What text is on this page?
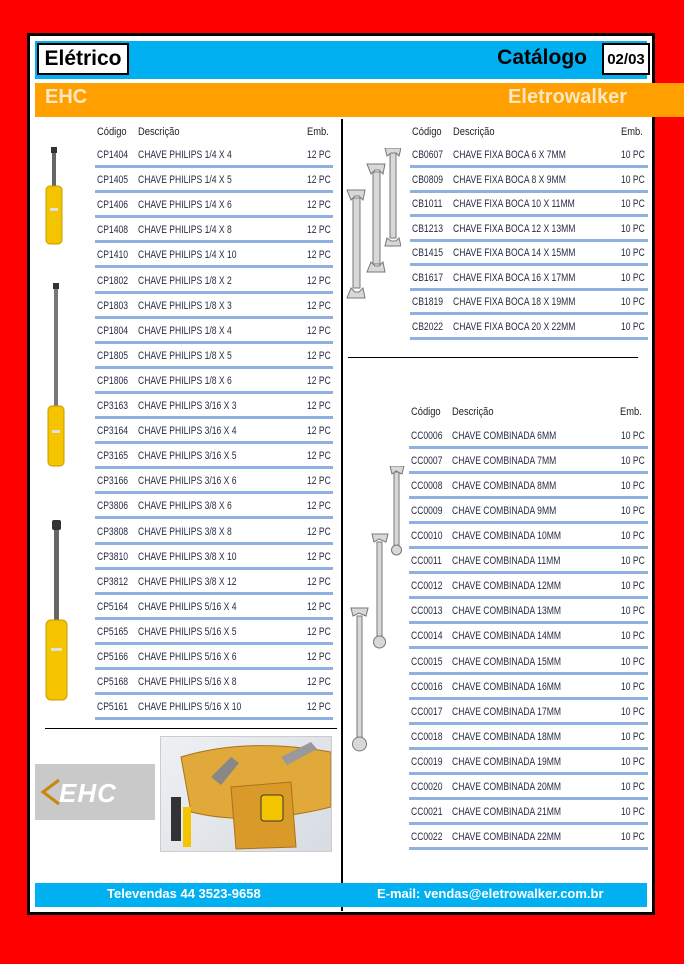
Elétrico	Catálogo	02/03
EHC	Eletrowalker
Código Descrição	Emb.
CP1404 CHAVE PHILIPS 1/4 X 4	12 PC
CP1405 CHAVE PHILIPS 1/4 X 5	12 PC
CP1406 CHAVE PHILIPS 1/4 X 6	12 PC
CP1408 CHAVE PHILIPS 1/4 X 8	12 PC
CP1410 CHAVE PHILIPS 1/4 X 10	12 PC
CP1802 CHAVE PHILIPS 1/8 X 2	12 PC
CP1803 CHAVE PHILIPS 1/8 X 3	12 PC
CP1804 CHAVE PHILIPS 1/8 X 4	12 PC
CP1805 CHAVE PHILIPS 1/8 X 5	12 PC
CP1806 CHAVE PHILIPS 1/8 X 6	12 PC
CP3163 CHAVE PHILIPS 3/16 X 3	12 PC
CP3164 CHAVE PHILIPS 3/16 X 4	12 PC
CP3165 CHAVE PHILIPS 3/16 X 5	12 PC
CP3166 CHAVE PHILIPS 3/16 X 6	12 PC
CP3806 CHAVE PHILIPS 3/8 X 6	12 PC
CP3808 CHAVE PHILIPS 3/8 X 8	12 PC
CP3810 CHAVE PHILIPS 3/8 X 10	12 PC
CP3812 CHAVE PHILIPS 3/8 X 12	12 PC
CP5164 CHAVE PHILIPS 5/16 X 4	12 PC
CP5165 CHAVE PHILIPS 5/16 X 5	12 PC
CP5166 CHAVE PHILIPS 5/16 X 6	12 PC
CP5168 CHAVE PHILIPS 5/16 X 8	12 PC
CP5161 CHAVE PHILIPS 5/16 X 10	12 PC
Código Descrição	Emb.
CB0607 CHAVE FIXA BOCA 6 X 7MM	10 PC
CB0809 CHAVE FIXA BOCA 8 X 9MM	10 PC
CB1011 CHAVE FIXA BOCA 10 X 11MM	10 PC
CB1213 CHAVE FIXA BOCA 12 X 13MM	10 PC
CB1415 CHAVE FIXA BOCA 14 X 15MM	10 PC
CB1617 CHAVE FIXA BOCA 16 X 17MM	10 PC
CB1819 CHAVE FIXA BOCA 18 X 19MM	10 PC
CB2022 CHAVE FIXA BOCA 20 X 22MM	10 PC
Código Descrição	Emb.
CC0006 CHAVE COMBINADA 6MM	10 PC
CC0007 CHAVE COMBINADA 7MM	10 PC
CC0008 CHAVE COMBINADA 8MM	10 PC
CC0009 CHAVE COMBINADA 9MM	10 PC
CC0010 CHAVE COMBINADA 10MM	10 PC
CC0011 CHAVE COMBINADA 11MM	10 PC
CC0012 CHAVE COMBINADA 12MM	10 PC
CC0013 CHAVE COMBINADA 13MM	10 PC
CC0014 CHAVE COMBINADA 14MM	10 PC
CC0015 CHAVE COMBINADA 15MM	10 PC
CC0016 CHAVE COMBINADA 16MM	10 PC
CC0017 CHAVE COMBINADA 17MM	10 PC
CC0018 CHAVE COMBINADA 18MM	10 PC
CC0019 CHAVE COMBINADA 19MM	10 PC
CC0020 CHAVE COMBINADA 20MM	10 PC
CC0021 CHAVE COMBINADA 21MM	10 PC
CC0022 CHAVE COMBINADA 22MM	10 PC
EHC
Televendas 44 3523-9658	E-mail: vendas@eletrowalker.com.br
